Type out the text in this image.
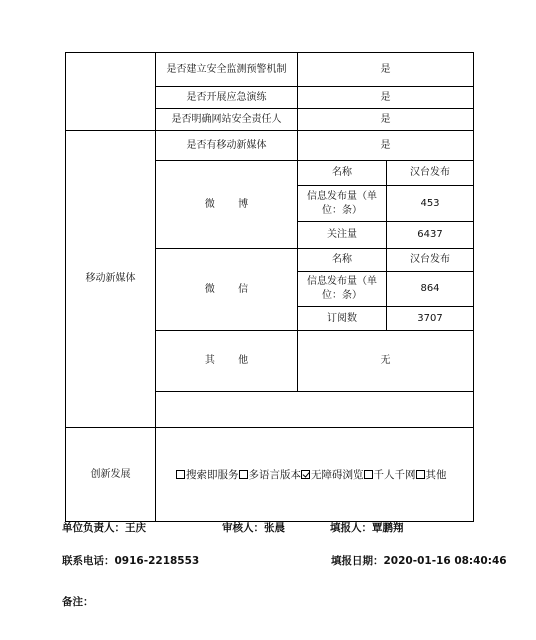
	是否建立安全监测预警机制	是	
	是否开展应急演练	是	
	是否明确网站安全责任人	是	
移动新媒体	是否有移动新媒体	是	
	微 博	名称	汉台发布
		信息发布量（单位：条）	453
		关注量	6437
	微 信	名称	汉台发布
		信息发布量（单位：条）	864
		订阅数	3707
	其 他	无	

创新发展	搜索即服务 多语言版本 无障碍浏览 千人千网 其他		
单位负责人：王庆	审核人：张晨	填报人：覃鹏翔
联系电话：0916-2218553	填报日期：2020-01-16 08:40:46
备注：
